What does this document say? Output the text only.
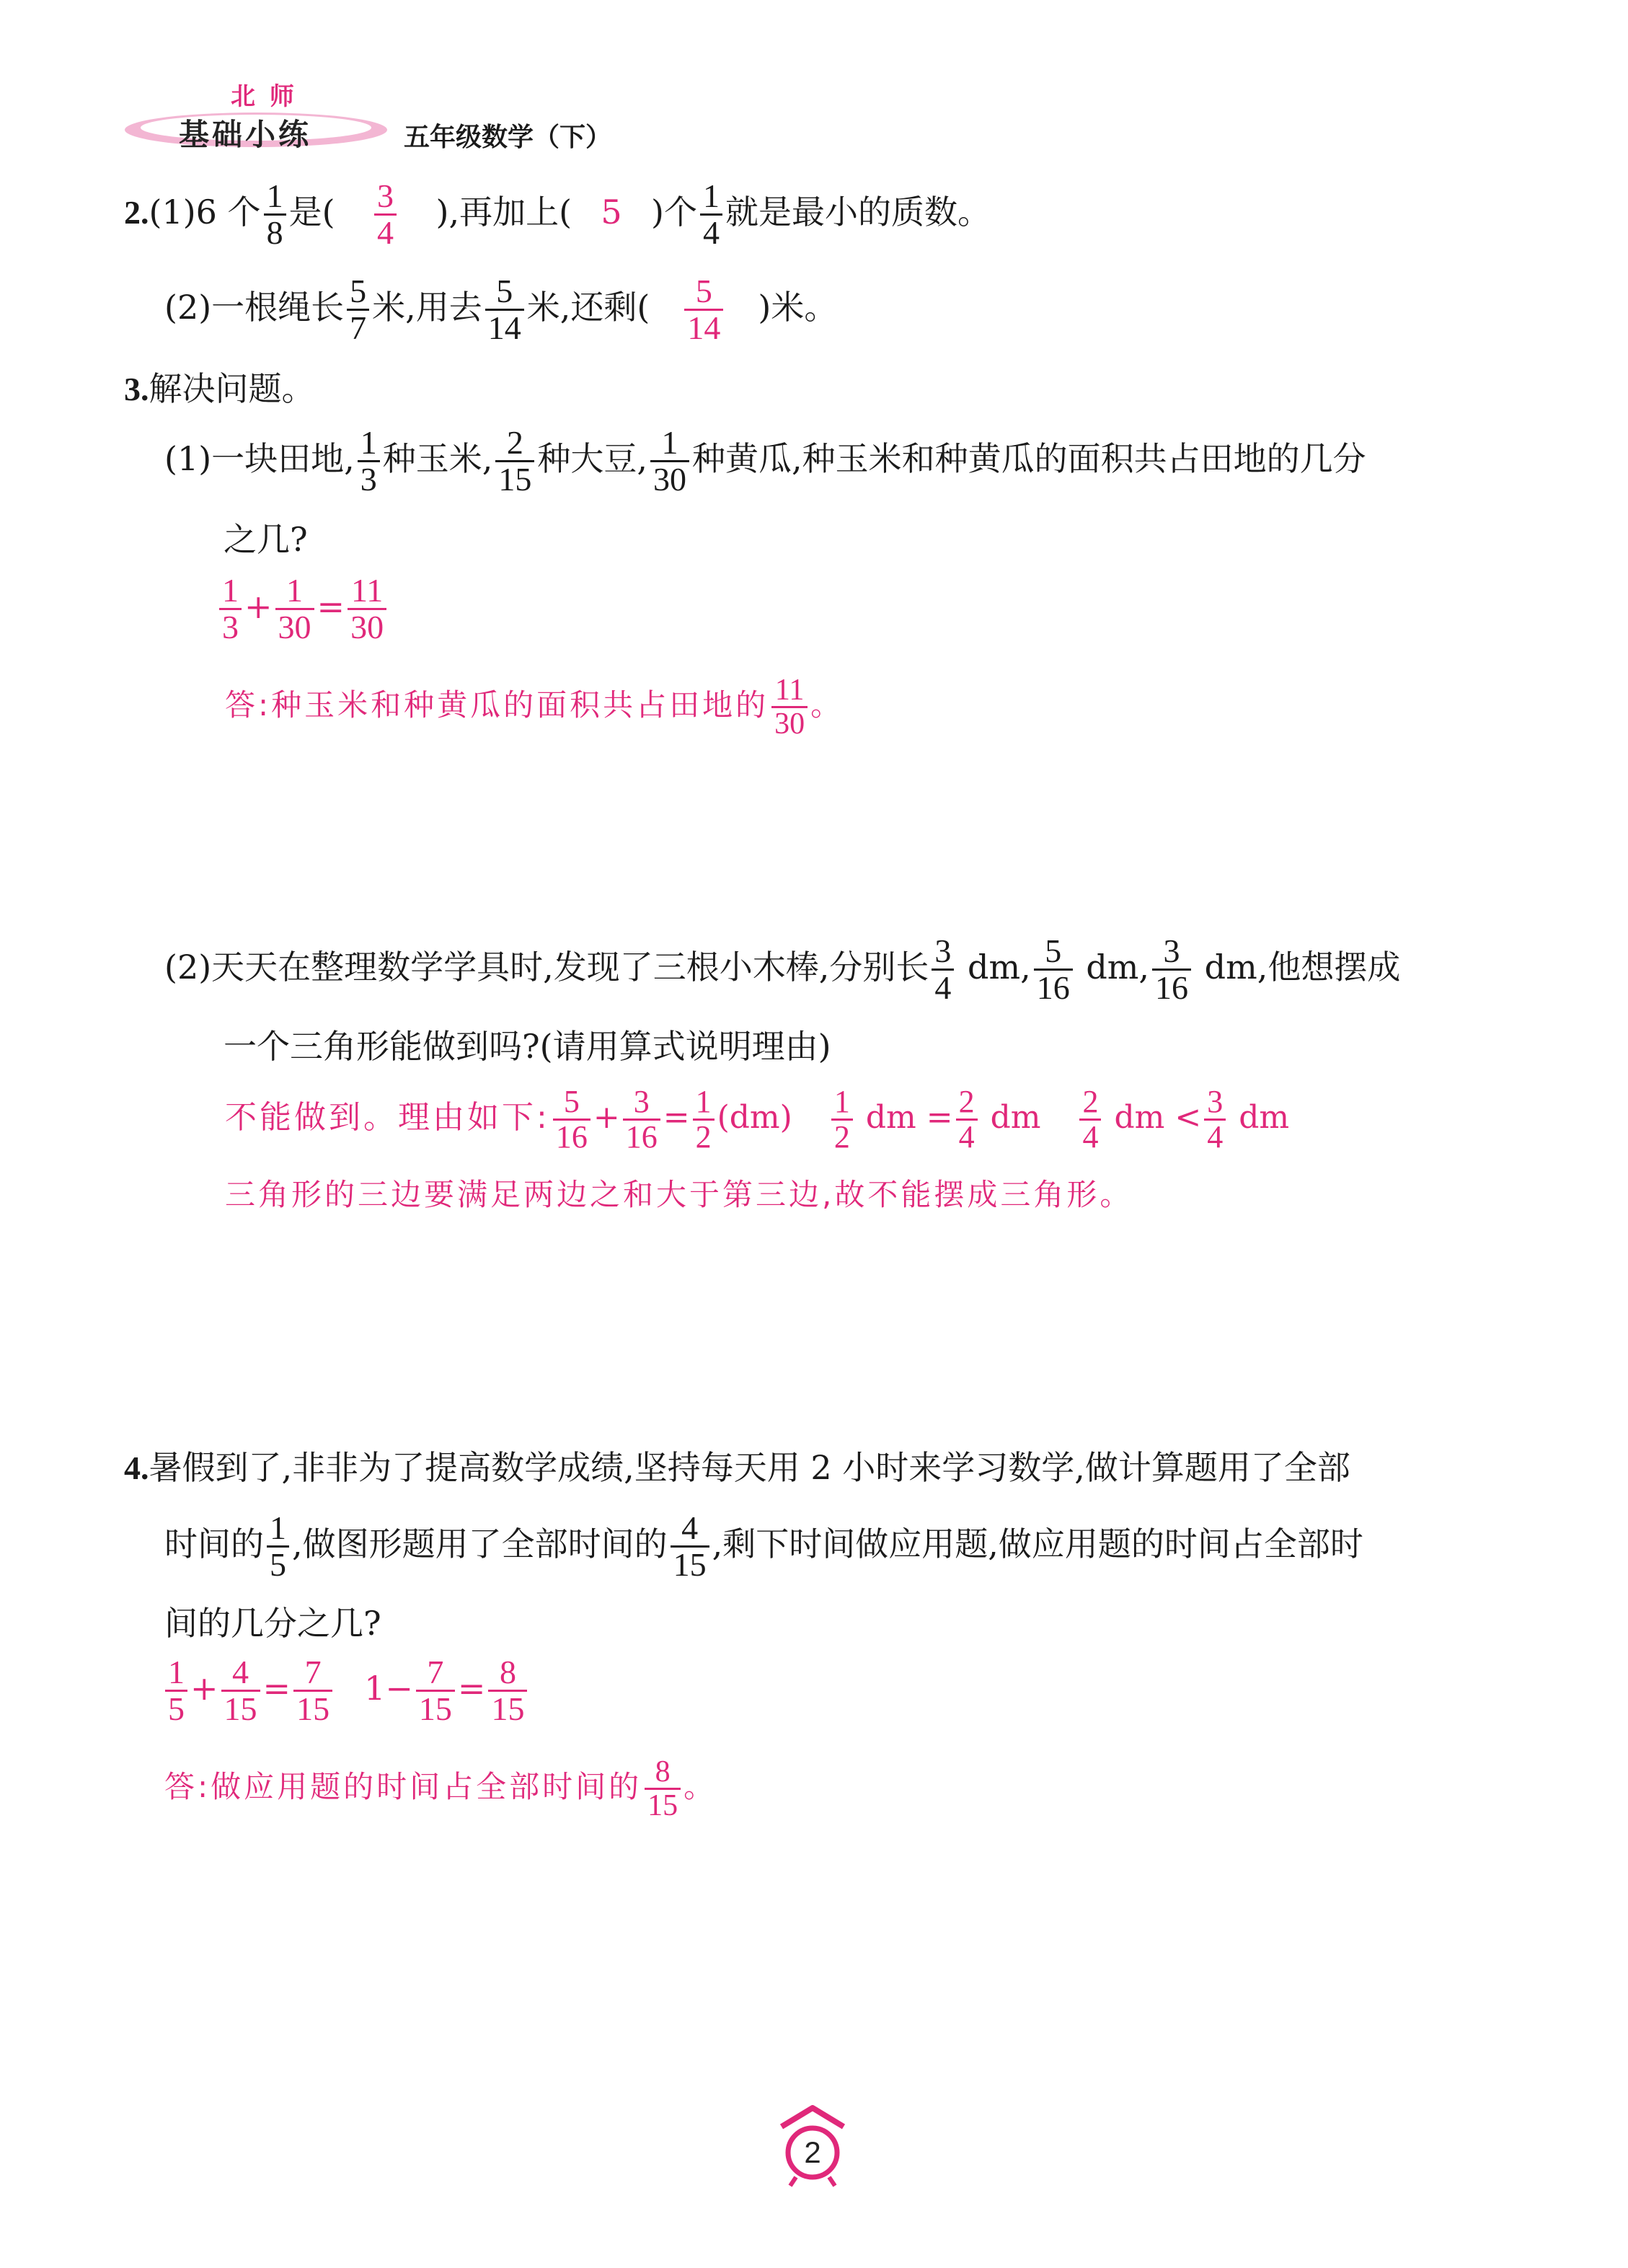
北 师
基础小练	五年级数学（下）
2.(1)6 个 $\frac{1}{8}$ 是( $\frac{3}{4}$ ),再加上( 5 )个 $\frac{1}{4}$ 就是最小的质数。
(2)一根绳长 $\frac{5}{7}$ 米,用去 $\frac{5}{14}$ 米,还剩( $\frac{5}{14}$ )米。
3.解决问题。
(1)一块田地, $\frac{1}{3}$ 种玉米, $\frac{2}{15}$ 种大豆, $\frac{1}{30}$ 种黄瓜,种玉米和种黄瓜的面积共占田地的几分
之几?
$\frac{1}{3} + \frac{1}{30} = \frac{11}{30}$
答:种玉米和种黄瓜的面积共占田地的 $\frac{11}{30}$ 。
(2)天天在整理数学学具时,发现了三根小木棒,分别长 $\frac{3}{4}$ dm, $\frac{5}{16}$ dm, $\frac{3}{16}$ dm,他想摆成
一个三角形能做到吗?(请用算式说明理由)
不能做到。理由如下: $\frac{5}{16} + \frac{3}{16} = \frac{1}{2} (dm) \frac{1}{2}$ dm = $\frac{2}{4}$ dm $\frac{2}{4}$ dm < $\frac{3}{4}$ dm
三角形的三边要满足两边之和大于第三边,故不能摆成三角形。
4.暑假到了,非非为了提高数学成绩,坚持每天用 2 小时来学习数学,做计算题用了全部
时间的 $\frac{1}{5}$ ,做图形题用了全部时间的 $\frac{4}{15}$ ,剩下时间做应用题,做应用题的时间占全部时
间的几分之几?
$\frac{1}{5} + \frac{4}{15} = \frac{7}{15} 1- \frac{7}{15} = \frac{8}{15}$
答:做应用题的时间占全部时间的 $\frac{8}{15}$ 。
2
